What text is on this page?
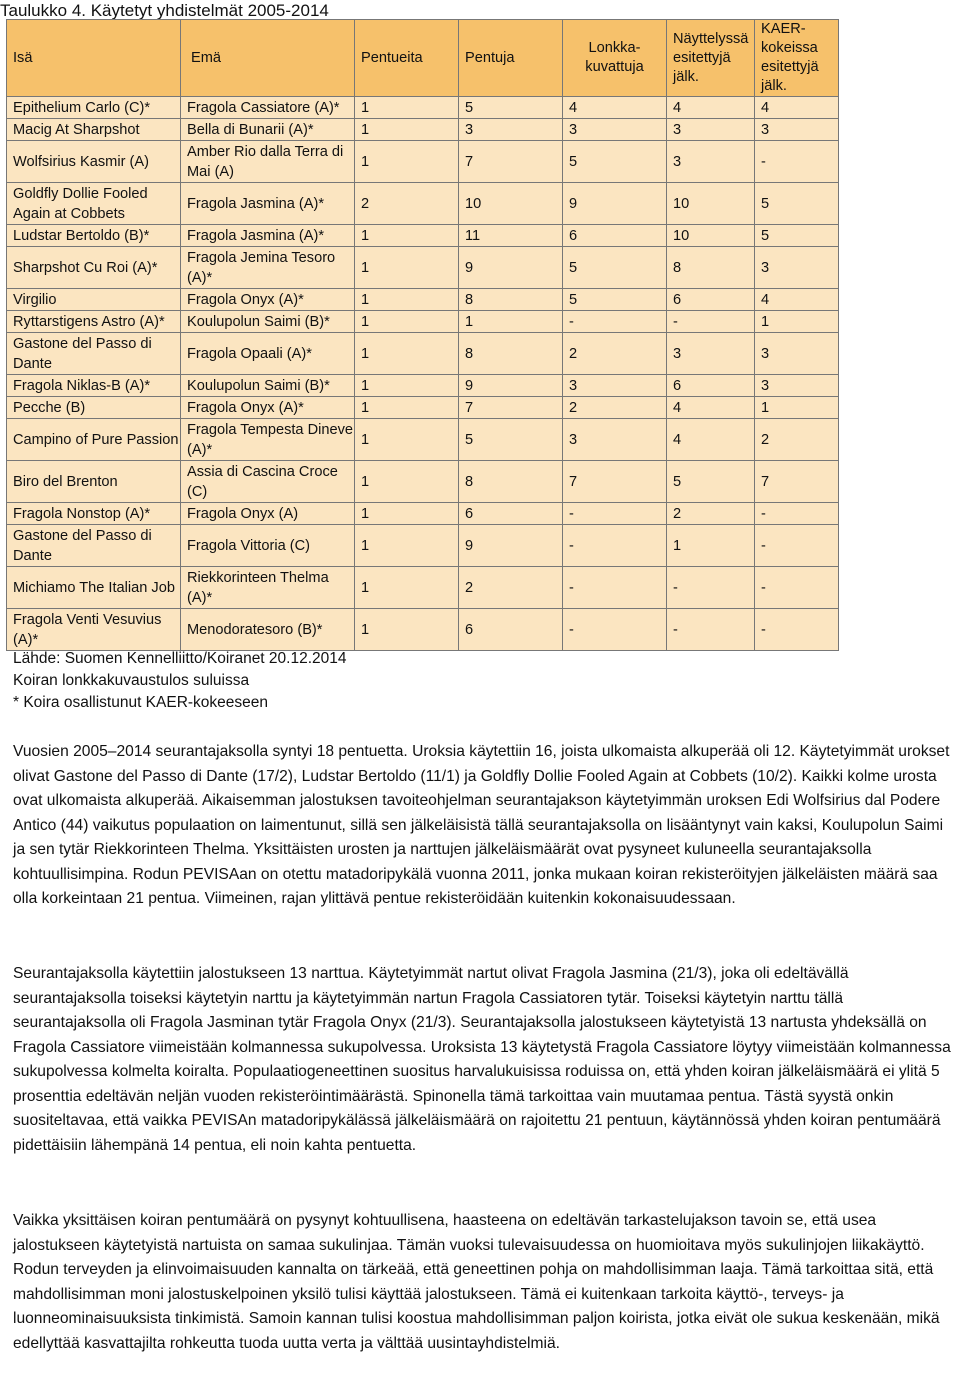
Taulukko 4. Käytetyt yhdistelmät 2005-2014
Isä	Emä	Pentueita	Pentuja	Lonkka-kuvattuja	Näyttelyssä esitettyjä jälk.	KAER-kokeissa esitettyjä jälk.
Epithelium Carlo (C)*	Fragola Cassiatore (A)*	1	5	4	4	4
Macig At Sharpshot	Bella di Bunarii (A)*	1	3	3	3	3
Wolfsirius Kasmir (A)	Amber Rio dalla Terra di Mai (A)	1	7	5	3	-
Goldfly Dollie Fooled Again at Cobbets	Fragola Jasmina (A)*	2	10	9	10	5
Ludstar Bertoldo (B)*	Fragola Jasmina (A)*	1	11	6	10	5
Sharpshot Cu Roi (A)*	Fragola Jemina Tesoro (A)*	1	9	5	8	3
Virgilio	Fragola Onyx (A)*	1	8	5	6	4
Ryttarstigens Astro (A)*	Koulupolun Saimi (B)*	1	1	-	-	1
Gastone del Passo di Dante	Fragola Opaali (A)*	1	8	2	3	3
Fragola Niklas-B (A)*	Koulupolun Saimi (B)*	1	9	3	6	3
Pecche (B)	Fragola Onyx (A)*	1	7	2	4	1
Campino of Pure Passion	Fragola Tempesta Dineve (A)*	1	5	3	4	2
Biro del Brenton	Assia di Cascina Croce (C)	1	8	7	5	7
Fragola Nonstop (A)*	Fragola Onyx (A)	1	6	-	2	-
Gastone del Passo di Dante	Fragola Vittoria (C)	1	9	-	1	-
Michiamo The Italian Job	Riekkorinteen Thelma (A)*	1	2	-	-	-
Fragola Venti Vesuvius (A)*	Menodoratesoro (B)*	1	6	-	-	-
Lähde: Suomen Kennelliitto/Koiranet 20.12.2014
Koiran lonkkakuvaustulos suluissa
* Koira osallistunut KAER-kokeeseen

Vuosien 2005–2014 seurantajaksolla syntyi 18 pentuetta. Uroksia käytettiin 16, joista ulkomaista alkuperää oli 12. Käytetyimmät urokset olivat Gastone del Passo di Dante (17/2), Ludstar Bertoldo (11/1) ja Goldfly Dollie Fooled Again at Cobbets (10/2). Kaikki kolme urosta ovat ulkomaista alkuperää. Aikaisemman jalostuksen tavoiteohjelman seurantajakson käytetyimmän uroksen Edi Wolfsirius dal Podere Antico (44) vaikutus populaation on laimentunut, sillä sen jälkeläisistä tällä seurantajaksolla on lisääntynyt vain kaksi, Koulupolun Saimi ja sen tytär Riekkorinteen Thelma. Yksittäisten urosten ja narttujen jälkeläismäärät ovat pysyneet kuluneella seurantajaksolla kohtuullisimpina. Rodun PEVISAan on otettu matadoripykälä vuonna 2011, jonka mukaan koiran rekisteröityjen jälkeläisten määrä saa olla korkeintaan 21 pentua. Viimeinen, rajan ylittävä pentue rekisteröidään kuitenkin kokonaisuudessaan.

Seurantajaksolla käytettiin jalostukseen 13 narttua. Käytetyimmät nartut olivat Fragola Jasmina (21/3), joka oli edeltävällä seurantajaksolla toiseksi käytetyin narttu ja käytetyimmän nartun Fragola Cassiatoren tytär. Toiseksi käytetyin narttu tällä seurantajaksolla oli Fragola Jasminan tytär Fragola Onyx (21/3). Seurantajaksolla jalostukseen käytetyistä 13 nartusta yhdeksällä on Fragola Cassiatore viimeistään kolmannessa sukupolvessa. Uroksista 13 käytetystä Fragola Cassiatore löytyy viimeistään kolmannessa sukupolvessa kolmelta koiralta. Populaatiogeneettinen suositus harvalukuisissa roduissa on, että yhden koiran jälkeläismäärä ei ylitä 5 prosenttia edeltävän neljän vuoden rekisteröintimäärästä. Spinonella tämä tarkoittaa vain muutamaa pentua. Tästä syystä onkin suositeltavaa, että vaikka PEVISAn matadoripykälässä jälkeläismäärä on rajoitettu 21 pentuun, käytännössä yhden koiran pentumäärä pidettäisiin lähempänä 14 pentua, eli noin kahta pentuetta.

Vaikka yksittäisen koiran pentumäärä on pysynyt kohtuullisena, haasteena on edeltävän tarkastelujakson tavoin se, että usea jalostukseen käytetyistä nartuista on samaa sukulinjaa. Tämän vuoksi tulevaisuudessa on huomioitava myös sukulinjojen liikakäyttö. Rodun terveyden ja elinvoimaisuuden kannalta on tärkeää, että geneettinen pohja on mahdollisimman laaja. Tämä tarkoittaa sitä, että mahdollisimman moni jalostuskelpoinen yksilö tulisi käyttää jalostukseen. Tämä ei kuitenkaan tarkoita käyttö-, terveys- ja luonneominaisuuksista tinkimistä. Samoin kannan tulisi koostua mahdollisimman paljon koirista, jotka eivät ole sukua keskenään, mikä edellyttää kasvattajilta rohkeutta tuoda uutta verta ja välttää uusintayhdistelmiä.
